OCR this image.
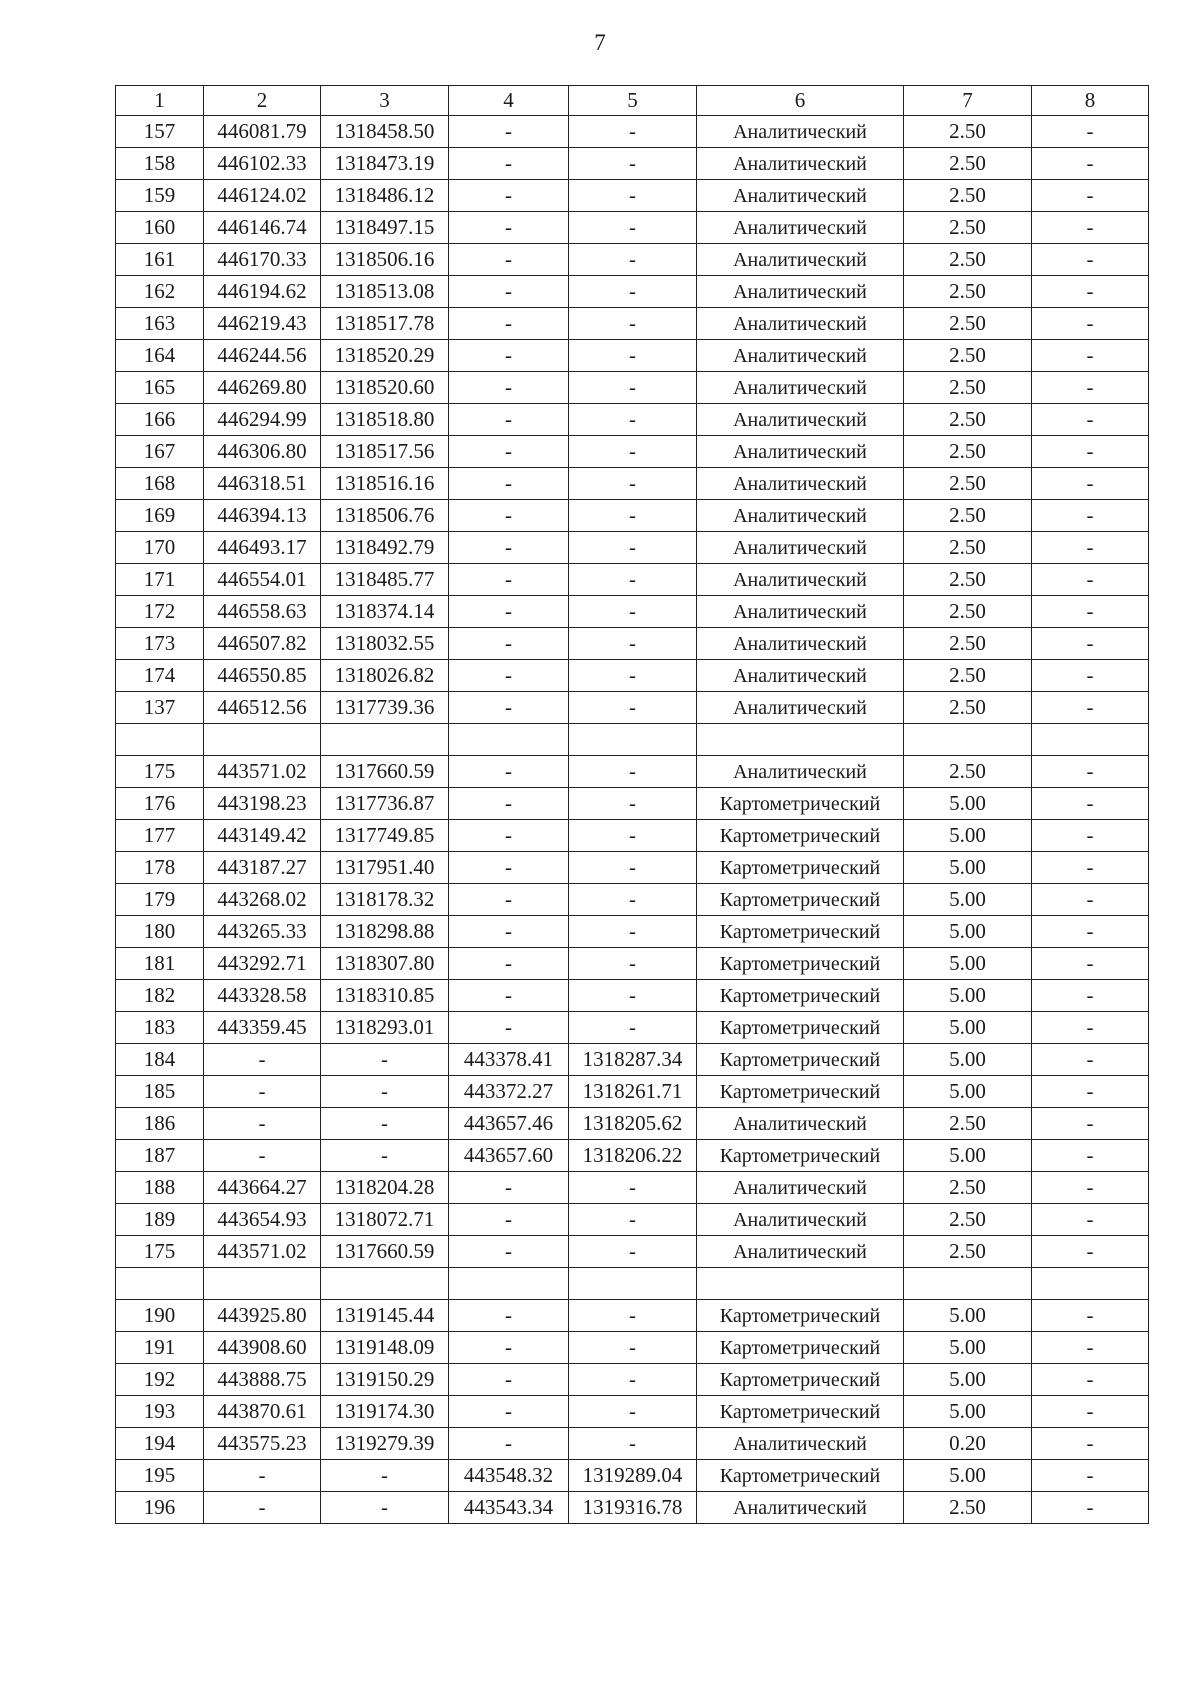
7
1	2	3	4	5	6	7	8
157	446081.79	1318458.50	-	-	Аналитический	2.50	-
158	446102.33	1318473.19	-	-	Аналитический	2.50	-
159	446124.02	1318486.12	-	-	Аналитический	2.50	-
160	446146.74	1318497.15	-	-	Аналитический	2.50	-
161	446170.33	1318506.16	-	-	Аналитический	2.50	-
162	446194.62	1318513.08	-	-	Аналитический	2.50	-
163	446219.43	1318517.78	-	-	Аналитический	2.50	-
164	446244.56	1318520.29	-	-	Аналитический	2.50	-
165	446269.80	1318520.60	-	-	Аналитический	2.50	-
166	446294.99	1318518.80	-	-	Аналитический	2.50	-
167	446306.80	1318517.56	-	-	Аналитический	2.50	-
168	446318.51	1318516.16	-	-	Аналитический	2.50	-
169	446394.13	1318506.76	-	-	Аналитический	2.50	-
170	446493.17	1318492.79	-	-	Аналитический	2.50	-
171	446554.01	1318485.77	-	-	Аналитический	2.50	-
172	446558.63	1318374.14	-	-	Аналитический	2.50	-
173	446507.82	1318032.55	-	-	Аналитический	2.50	-
174	446550.85	1318026.82	-	-	Аналитический	2.50	-
137	446512.56	1317739.36	-	-	Аналитический	2.50	-

175	443571.02	1317660.59	-	-	Аналитический	2.50	-
176	443198.23	1317736.87	-	-	Картометрический	5.00	-
177	443149.42	1317749.85	-	-	Картометрический	5.00	-
178	443187.27	1317951.40	-	-	Картометрический	5.00	-
179	443268.02	1318178.32	-	-	Картометрический	5.00	-
180	443265.33	1318298.88	-	-	Картометрический	5.00	-
181	443292.71	1318307.80	-	-	Картометрический	5.00	-
182	443328.58	1318310.85	-	-	Картометрический	5.00	-
183	443359.45	1318293.01	-	-	Картометрический	5.00	-
184	-	-	443378.41	1318287.34	Картометрический	5.00	-
185	-	-	443372.27	1318261.71	Картометрический	5.00	-
186	-	-	443657.46	1318205.62	Аналитический	2.50	-
187	-	-	443657.60	1318206.22	Картометрический	5.00	-
188	443664.27	1318204.28	-	-	Аналитический	2.50	-
189	443654.93	1318072.71	-	-	Аналитический	2.50	-
175	443571.02	1317660.59	-	-	Аналитический	2.50	-

190	443925.80	1319145.44	-	-	Картометрический	5.00	-
191	443908.60	1319148.09	-	-	Картометрический	5.00	-
192	443888.75	1319150.29	-	-	Картометрический	5.00	-
193	443870.61	1319174.30	-	-	Картометрический	5.00	-
194	443575.23	1319279.39	-	-	Аналитический	0.20	-
195	-	-	443548.32	1319289.04	Картометрический	5.00	-
196	-	-	443543.34	1319316.78	Аналитический	2.50	-
